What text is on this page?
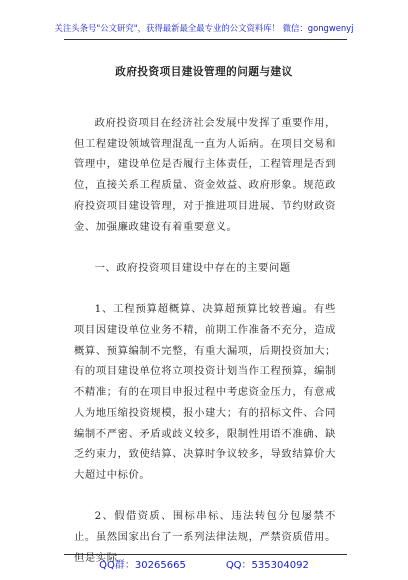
关注头条号"公文研究"，获得最新最全最专业的公文资料库！ 微信：gongwenyj
政府投资项目建设管理的问题与建议

政府投资项目在经济社会发展中发挥了重要作用，但工程建设领域管理混乱一直为人诟病。在项目交易和管理中，建设单位是否履行主体责任，工程管理是否到位，直接关系工程质量、资金效益、政府形象。规范政府投资项目建设管理，对于推进项目进展、节约财政资金、加强廉政建设有着重要意义。

一、政府投资项目建设中存在的主要问题

1、工程预算超概算、决算超预算比较普遍。有些项目因建设单位业务不精，前期工作准备不充分，造成概算、预算编制不完整，有重大漏项，后期投资加大；有的项目建设单位将立项投资计划当作工程预算，编制不精准；有的在项目申报过程中考虑资金压力，有意戒人为地压缩投资规模，报小建大；有的招标文件、合同编制不严密、矛盾或歧义较多，限制性用语不准确、缺乏约束力，致使结算、决算时争议较多，导致结算价大大超过中标价。

2、假借资质、围标串标、违法转包分包屡禁不止。虽然国家出台了一系列法律法规，严禁资质借用。但是实际

QQ群：30265665	QQ：535304092
